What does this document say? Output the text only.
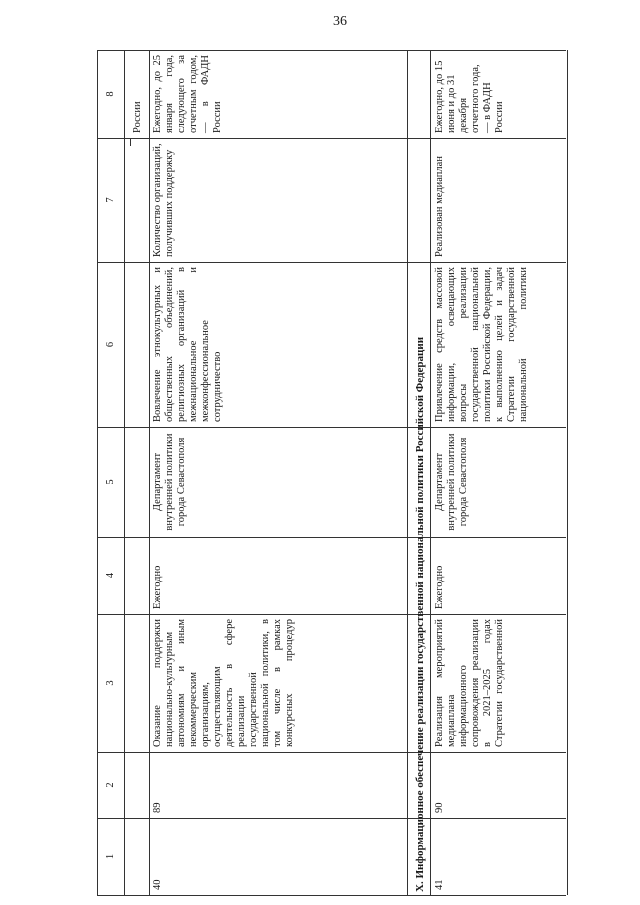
36
8
7
6
5
4
3
2
1
России
40
89
Оказание поддержки национально-культурным автономиям и иным некоммерческим организациям, осуществляющим деятельность в сфере реализации государственной национальной политики, в том числе в рамках конкурсных процедур
Ежегодно
Департамент внутренней политики города Севастополя
Вовлечение этнокультурных и общественных объединений, религиозных организаций в межнациональное и межконфессиональное сотрудничество
Количество организаций, получивших поддержку
Ежегодно, до 25 января года, следующего за отчетным годом, — в ФАДН России
X. Информационное обеспечение реализации государственной национальной политики Российской Федерации 41
90
Реализация мероприятий медиаплана информационного сопровождения реализации в 2021–2025 годах Стратегии государственной
Ежегодно
Департамент внутренней политики города Севастополя
Привлечение средств массовой информации, освещающих вопросы реализации государственной национальной политики Российской Федерации, к выполнению целей и задач Стратегии государственной национальной политики
Реализован медиаплан
Ежегодно, до 15 июня и до 31 декабря отчетного года, — в ФАДН России
